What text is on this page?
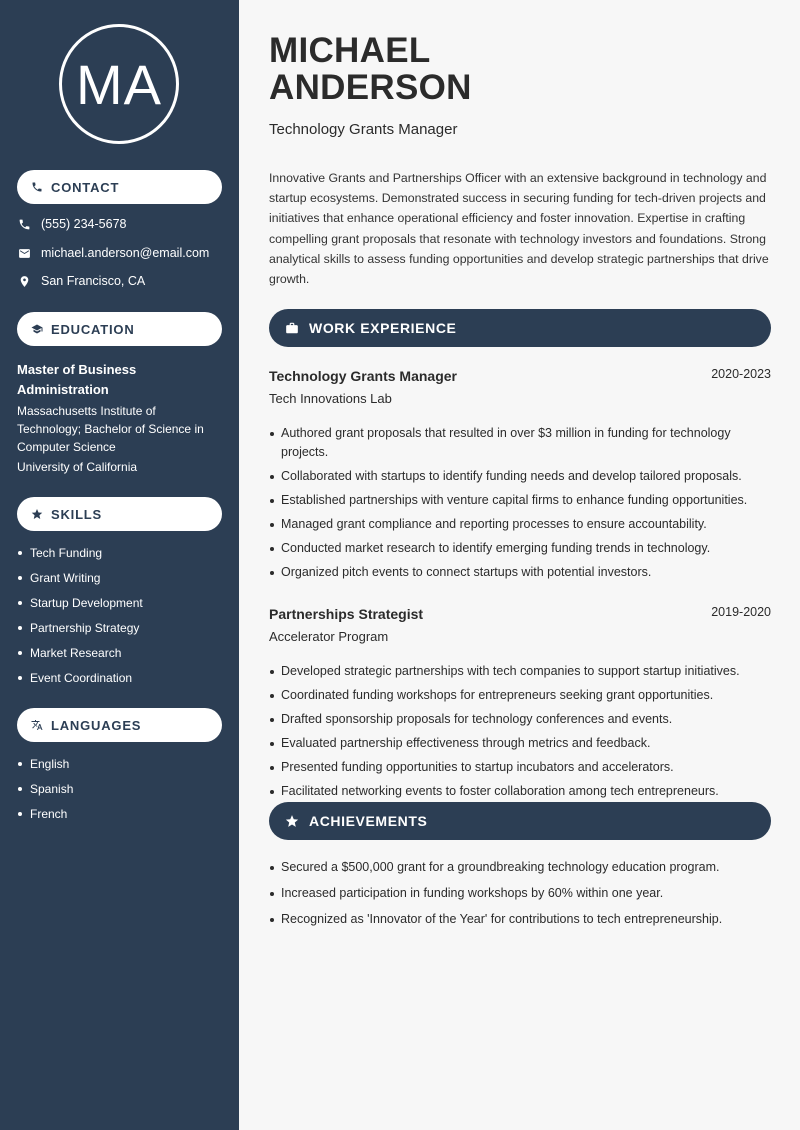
MA
CONTACT
(555) 234-5678
michael.anderson@email.com
San Francisco, CA
EDUCATION
Master of Business Administration
Massachusetts Institute of Technology; Bachelor of Science in Computer Science
University of California
SKILLS
Tech Funding
Grant Writing
Startup Development
Partnership Strategy
Market Research
Event Coordination
LANGUAGES
English
Spanish
French
MICHAEL
ANDERSON
Technology Grants Manager
Innovative Grants and Partnerships Officer with an extensive background in technology and startup ecosystems. Demonstrated success in securing funding for tech-driven projects and initiatives that enhance operational efficiency and foster innovation. Expertise in crafting compelling grant proposals that resonate with technology investors and foundations. Strong analytical skills to assess funding opportunities and develop strategic partnerships that drive growth.
WORK EXPERIENCE
Technology Grants Manager	2020-2023
Tech Innovations Lab
Authored grant proposals that resulted in over $3 million in funding for technology projects.
Collaborated with startups to identify funding needs and develop tailored proposals.
Established partnerships with venture capital firms to enhance funding opportunities.
Managed grant compliance and reporting processes to ensure accountability.
Conducted market research to identify emerging funding trends in technology.
Organized pitch events to connect startups with potential investors.
Partnerships Strategist	2019-2020
Accelerator Program
Developed strategic partnerships with tech companies to support startup initiatives.
Coordinated funding workshops for entrepreneurs seeking grant opportunities.
Drafted sponsorship proposals for technology conferences and events.
Evaluated partnership effectiveness through metrics and feedback.
Presented funding opportunities to startup incubators and accelerators.
Facilitated networking events to foster collaboration among tech entrepreneurs.
ACHIEVEMENTS
Secured a $500,000 grant for a groundbreaking technology education program.
Increased participation in funding workshops by 60% within one year.
Recognized as 'Innovator of the Year' for contributions to tech entrepreneurship.
